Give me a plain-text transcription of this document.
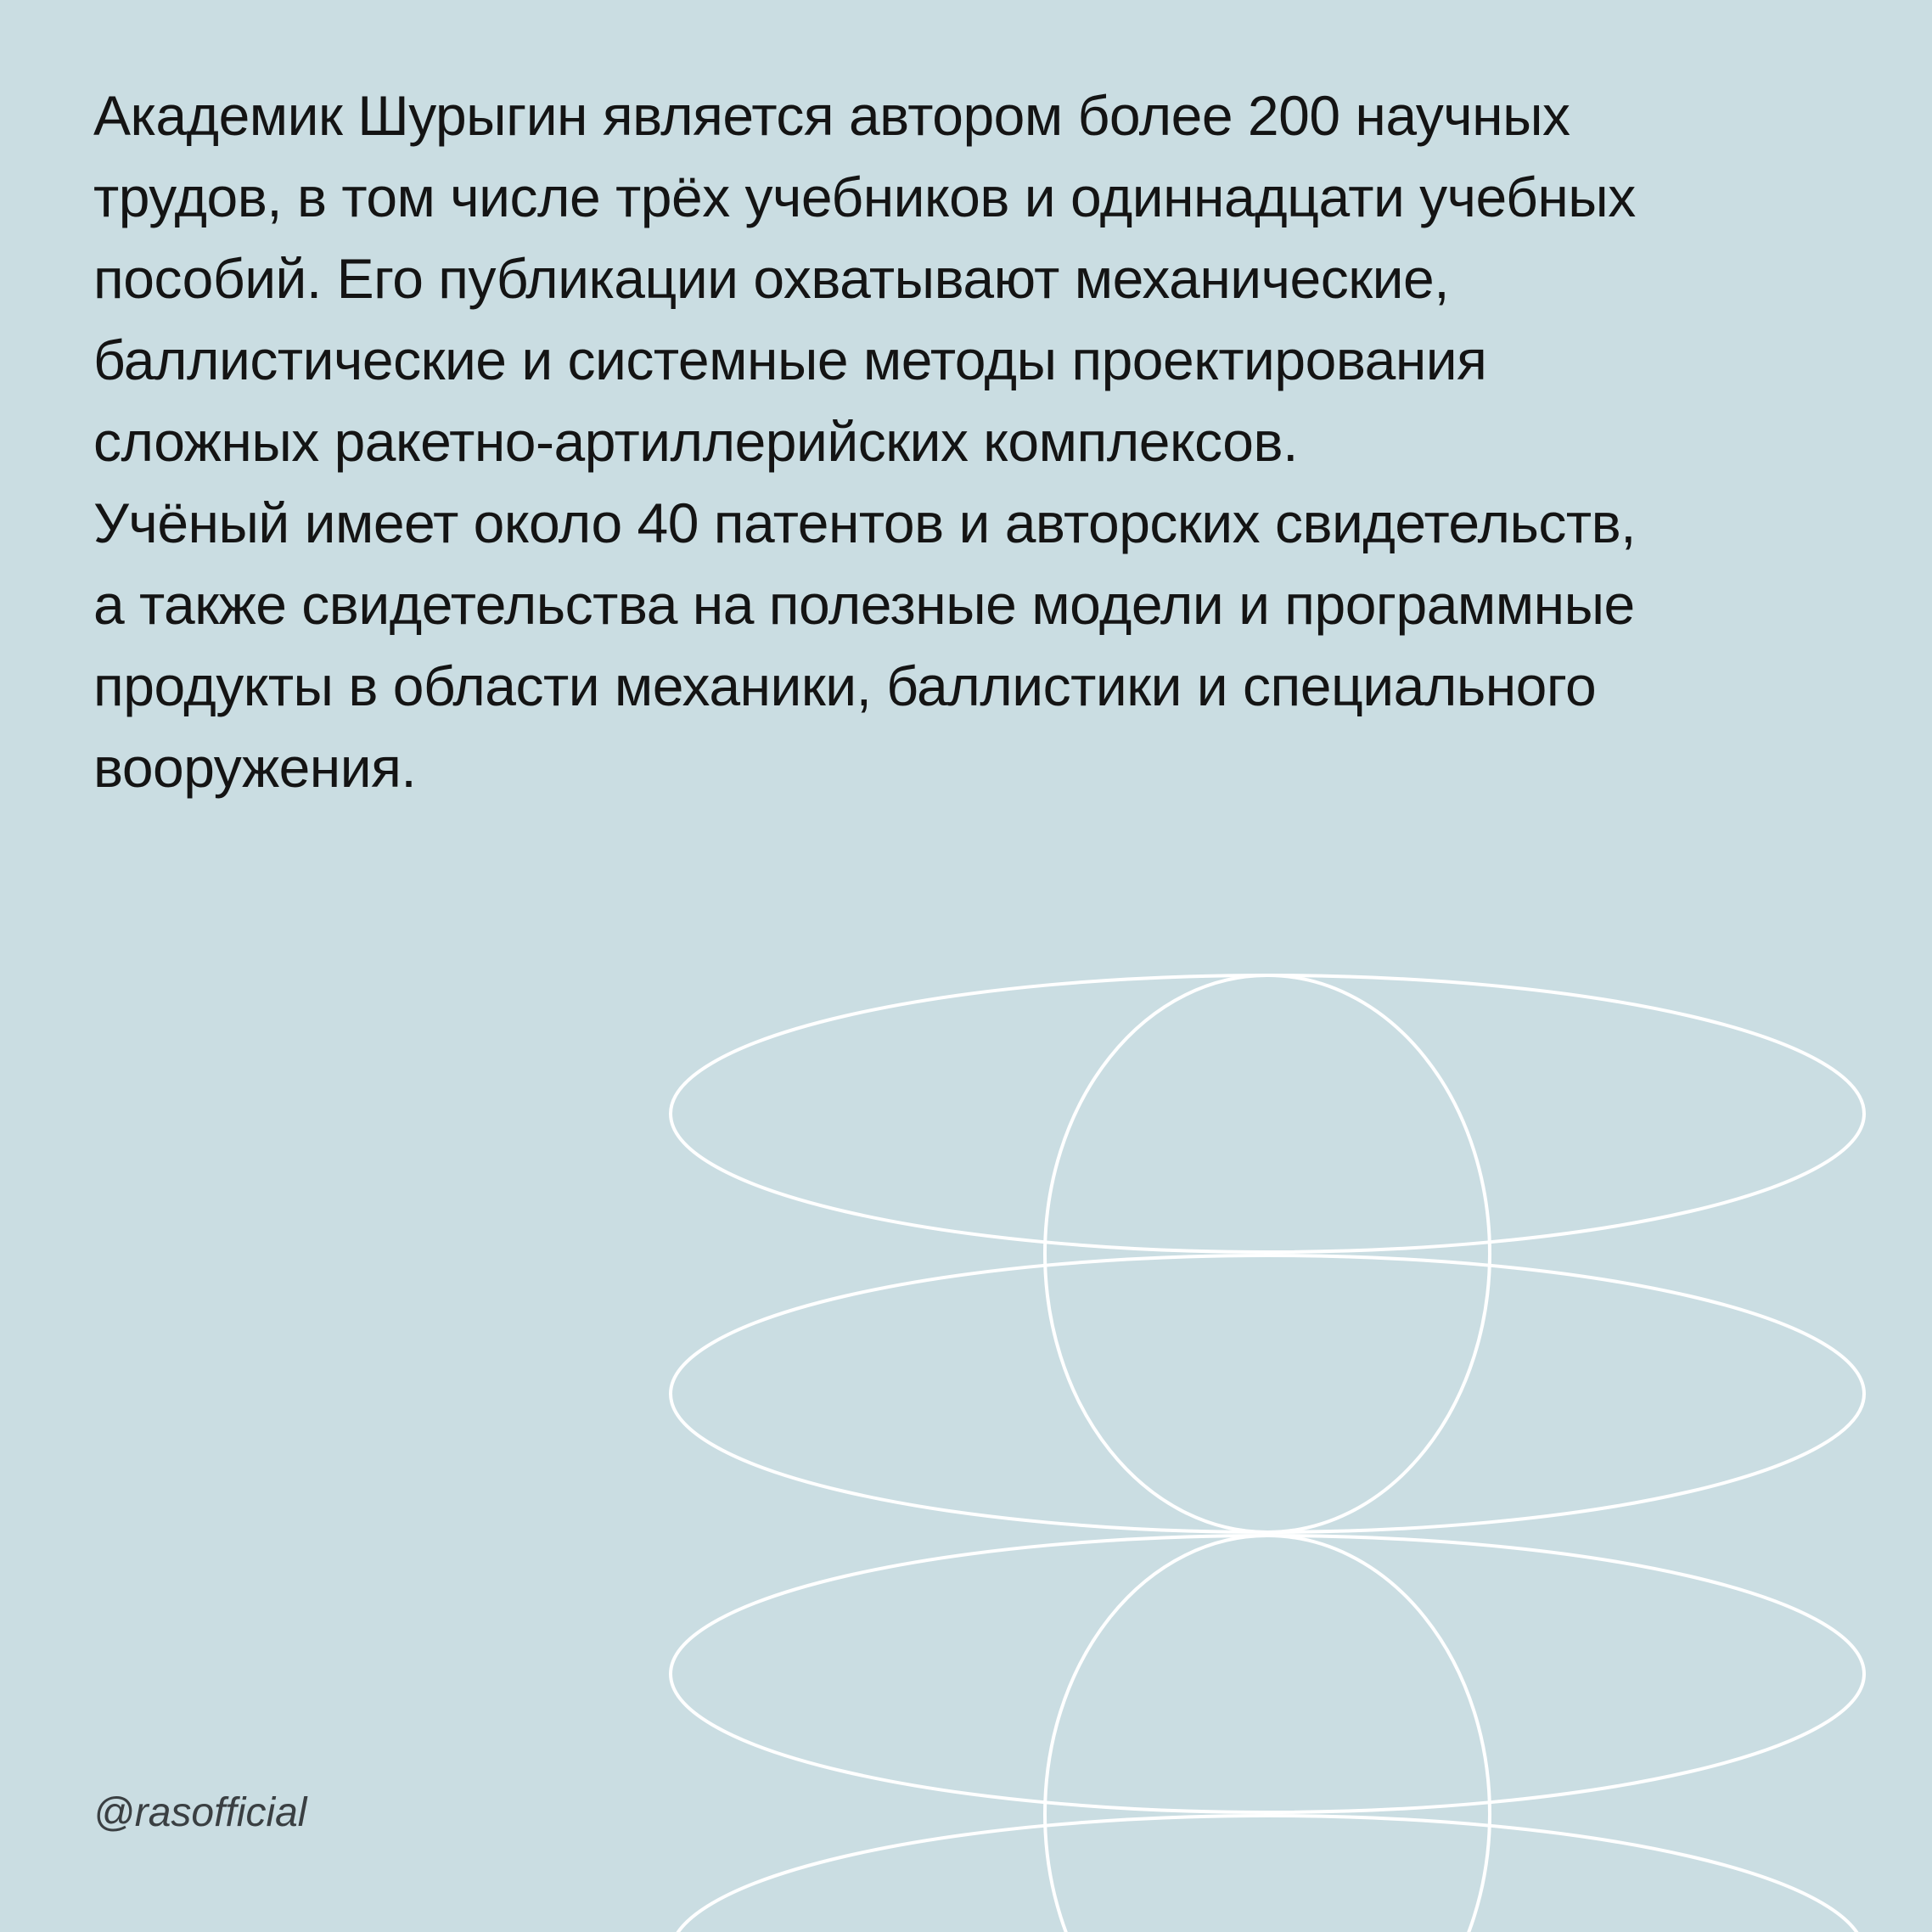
Академик Шурыгин является автором более 200 научных
трудов, в том числе трёх учебников и одиннадцати учебных
пособий. Его публикации охватывают механические,
баллистические и системные методы проектирования
сложных ракетно-артиллерийских комплексов.
Учёный имеет около 40 патентов и авторских свидетельств,
а также свидетельства на полезные модели и программные
продукты в области механики, баллистики и специального
вооружения.

@rasofficial
